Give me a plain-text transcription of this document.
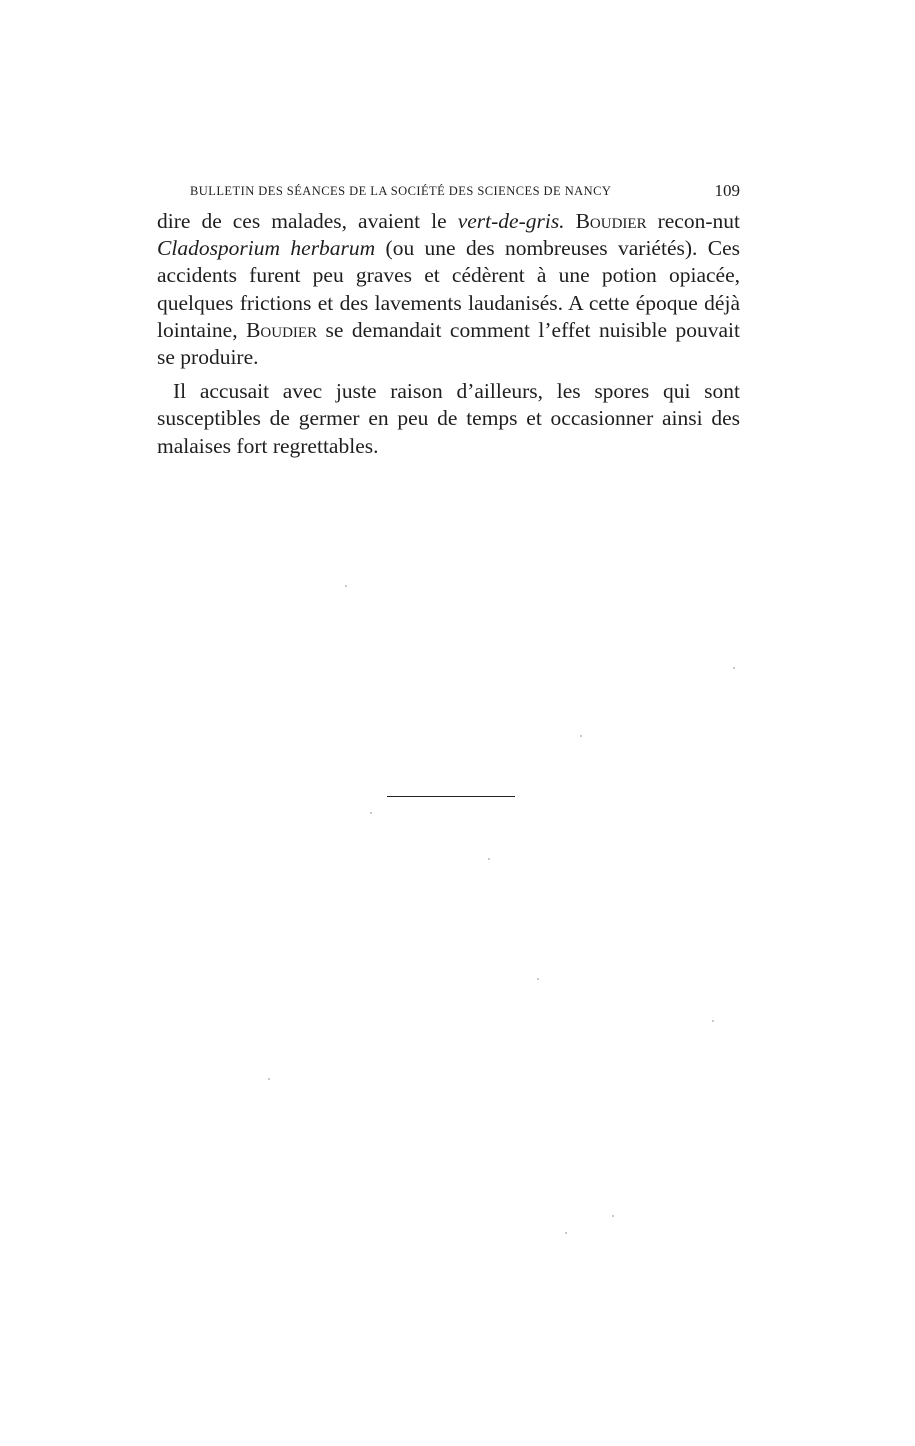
BULLETIN DES SÉANCES DE LA SOCIÉTÉ DES SCIENCES DE NANCY	109

dire de ces malades, avaient le vert-de-gris. Boudier recon-nut Cladosporium herbarum (ou une des nombreuses variétés). Ces accidents furent peu graves et cédèrent à une potion opiacée, quelques frictions et des lavements laudanisés. A cette époque déjà lointaine, Boudier se demandait comment l’effet nuisible pouvait se produire.

Il accusait avec juste raison d’ailleurs, les spores qui sont susceptibles de germer en peu de temps et occasionner ainsi des malaises fort regrettables.
